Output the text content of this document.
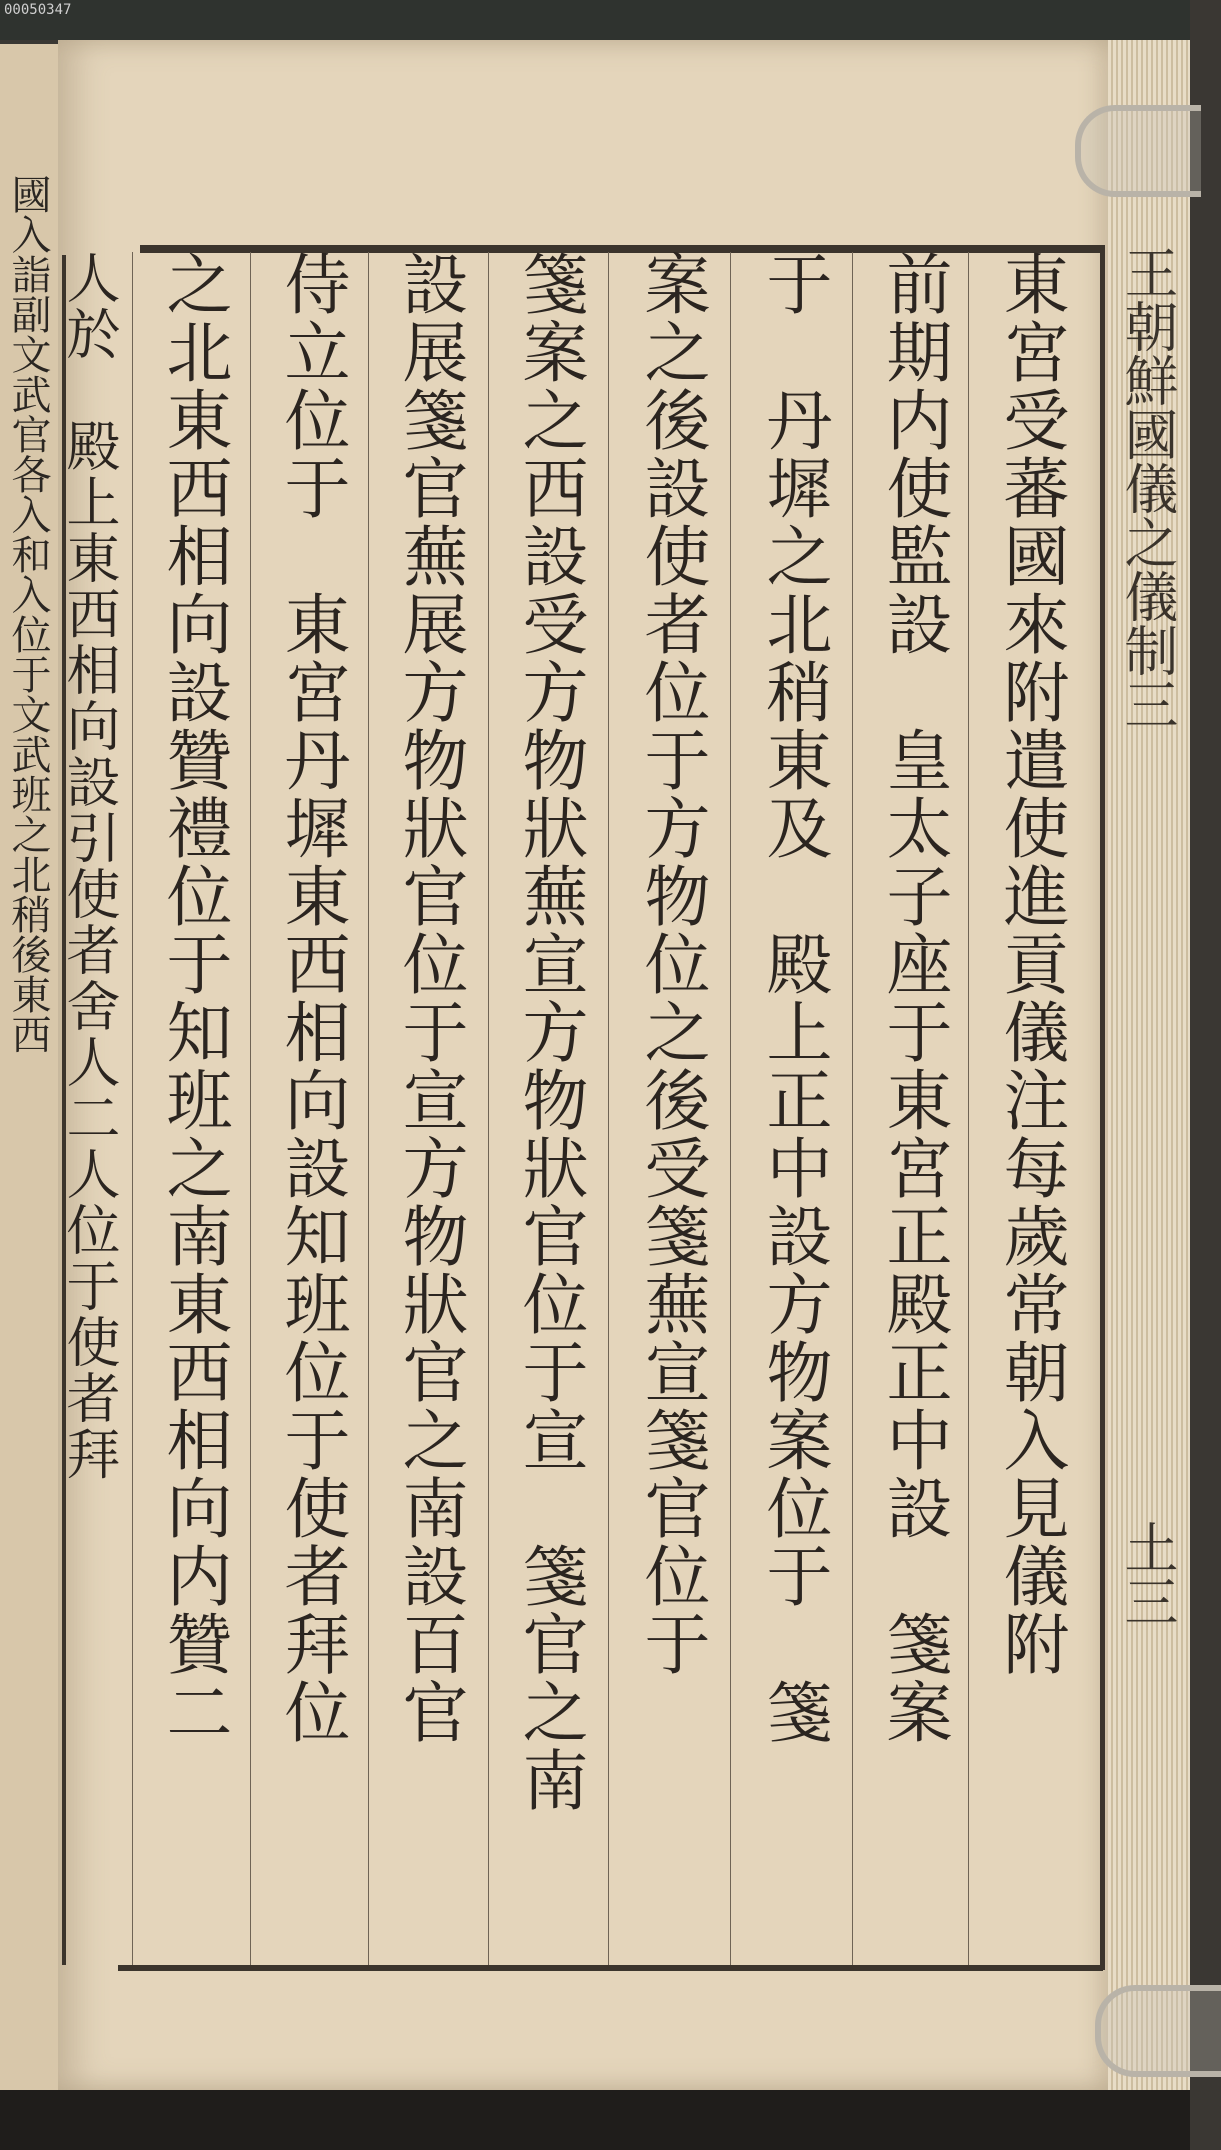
00050347
國入詣副文武官各入和入位于文武班之北稍後東西	東宮受蕃國來附遣使進貢儀注每歲常朝入見儀附
前期内使監設　皇太子座于東宮正殿正中設　箋案
于　丹墀之北稍東及　殿上正中設方物案位于　箋
案之後設使者位于方物位之後受箋蕪宣箋官位于
箋案之西設受方物狀蕪宣方物狀官位于宣　箋官之南
設展箋官蕪展方物狀官位于宣方物狀官之南設百官
侍立位于　東宮丹墀東西相向設知班位于使者拜位
之北東西相向設贊禮位于知班之南東西相向内贊二
人於　殿上東西相向設引使者舍人二人位于使者拜	王朝鮮國儀之儀制三
土三
